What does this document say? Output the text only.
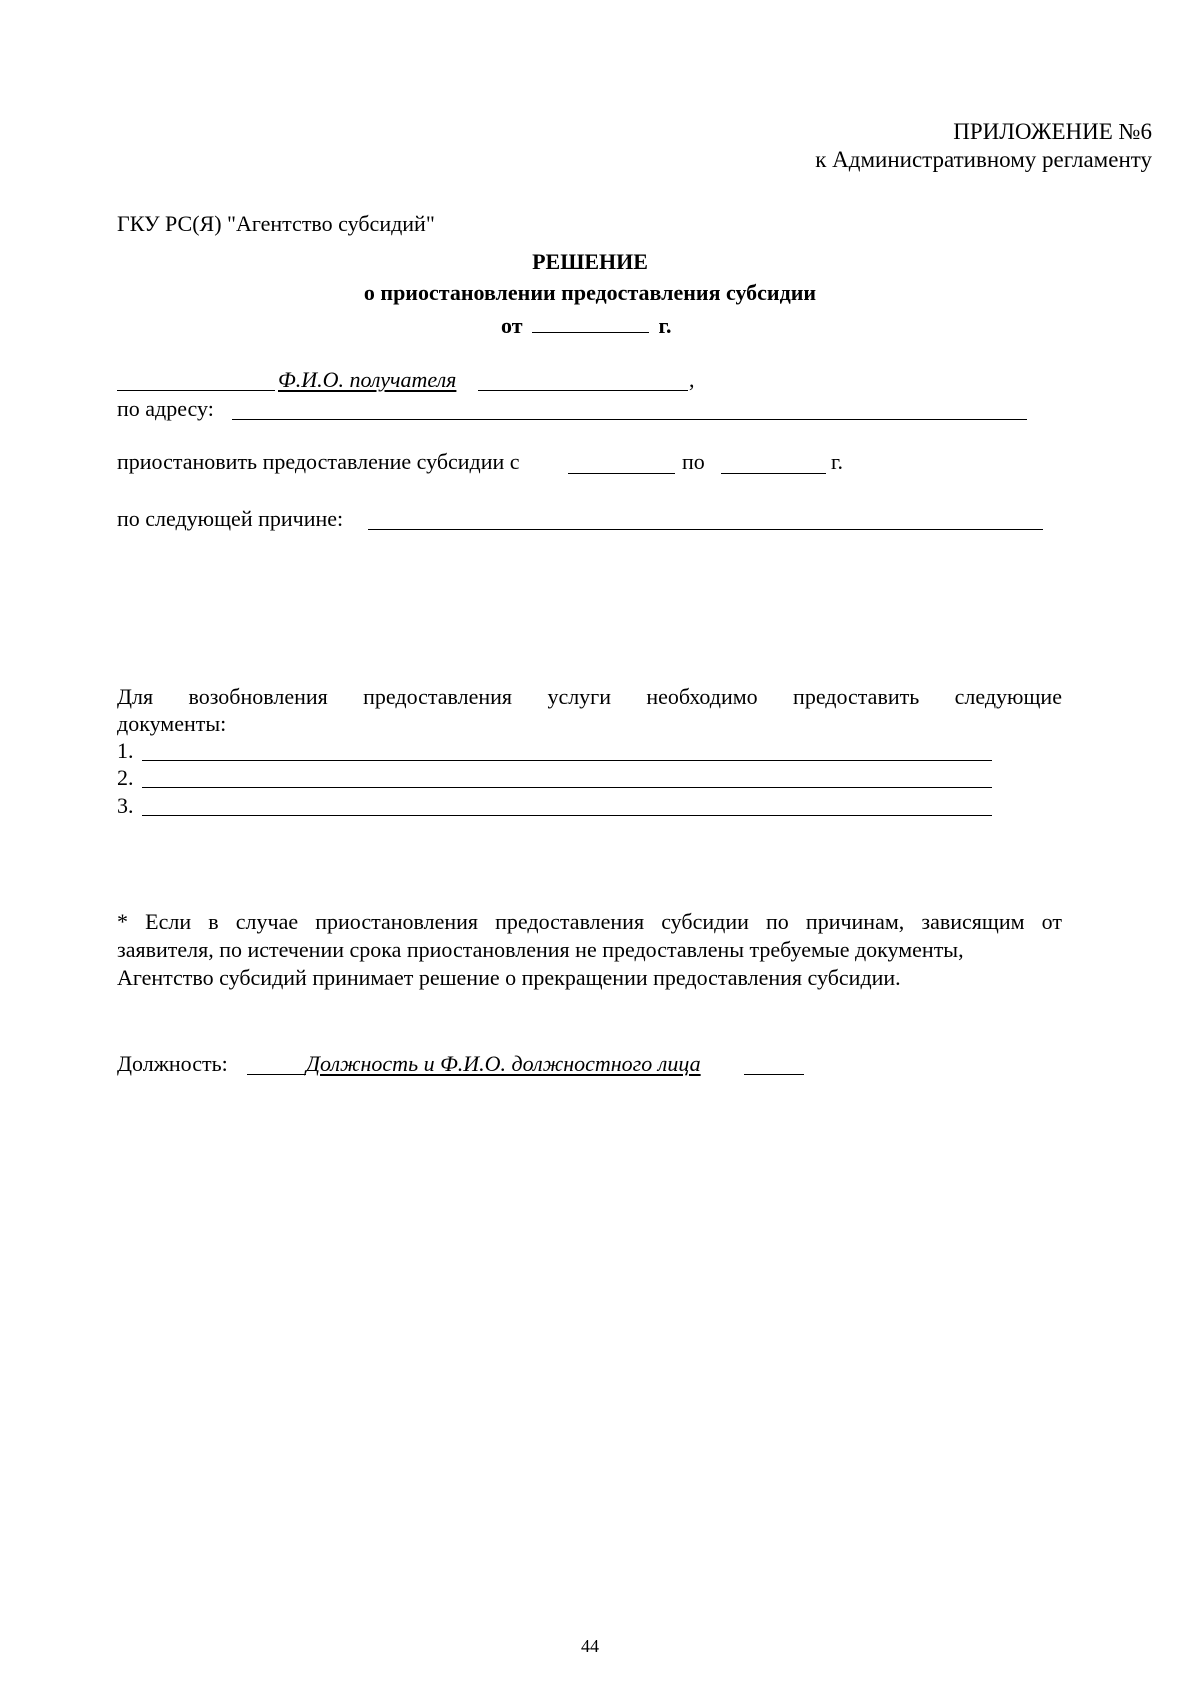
ПРИЛОЖЕНИЕ №6
к Административному регламенту
ГКУ РС(Я) "Агентство субсидий"
РЕШЕНИЕ
о приостановлении предоставления субсидии
от	г.
Ф.И.О. получателя	,
по адресу:
приостановить предоставление субсидии с	по	г.
по следующей причине:
Для возобновления предоставления услуги необходимо предоставить следующие
документы:
1.
2.
3.
* Если в случае приостановления предоставления субсидии по причинам, зависящим от
заявителя, по истечении срока приостановления не предоставлены требуемые документы,
Агентство субсидий принимает решение о прекращении предоставления субсидии.
Должность:	Должность и Ф.И.О. должностного лица
44
